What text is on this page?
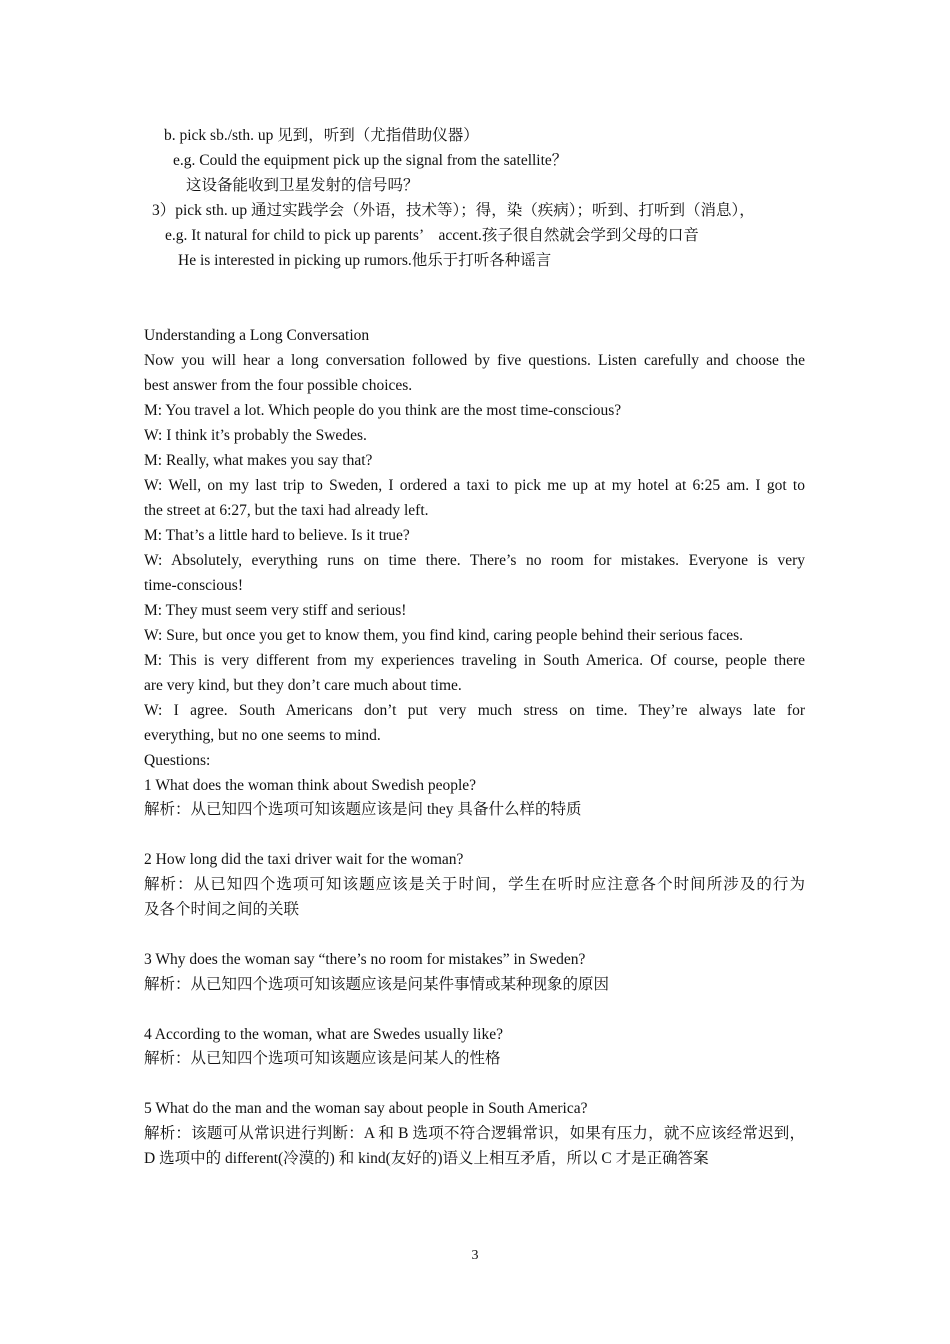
b. pick sb./sth. up 见到，听到（尤指借助仪器）
e.g. Could the equipment pick up the signal from the satellite？
这设备能收到卫星发射的信号吗？
3）pick sth. up 通过实践学会（外语，技术等）；得，染（疾病）；听到、打听到（消息），
e.g. It natural for child to pick up parents’　accent.孩子很自然就会学到父母的口音
He is interested in picking up rumors.他乐于打听各种谣言
Understanding a Long Conversation
Now you will hear a long conversation followed by five questions. Listen carefully and choose the
best answer from the four possible choices.
M: You travel a lot. Which people do you think are the most time-conscious?
W: I think it’s probably the Swedes.
M: Really, what makes you say that?
W: Well, on my last trip to Sweden, I ordered a taxi to pick me up at my hotel at 6:25 am. I got to
the street at 6:27, but the taxi had already left.
M: That’s a little hard to believe. Is it true?
W: Absolutely, everything runs on time there. There’s no room for mistakes. Everyone is very
time-conscious!
M: They must seem very stiff and serious!
W: Sure, but once you get to know them, you find kind, caring people behind their serious faces.
M: This is very different from my experiences traveling in South America. Of course, people there
are very kind, but they don’t care much about time.
W: I agree. South Americans don’t put very much stress on time. They’re always late for
everything, but no one seems to mind.
Questions:
1 What does the woman think about Swedish people?
解析：从已知四个选项可知该题应该是问 they 具备什么样的特质
2 How long did the taxi driver wait for the woman?
解析：从已知四个选项可知该题应该是关于时间，学生在听时应注意各个时间所涉及的行为
及各个时间之间的关联
3 Why does the woman say “there’s no room for mistakes” in Sweden?
解析：从已知四个选项可知该题应该是问某件事情或某种现象的原因
4 According to the woman, what are Swedes usually like?
解析：从已知四个选项可知该题应该是问某人的性格
5 What do the man and the woman say about people in South America?
解析：该题可从常识进行判断：A 和 B 选项不符合逻辑常识，如果有压力，就不应该经常迟到，
D 选项中的 different(冷漠的) 和 kind(友好的)语义上相互矛盾，所以 C 才是正确答案
3
